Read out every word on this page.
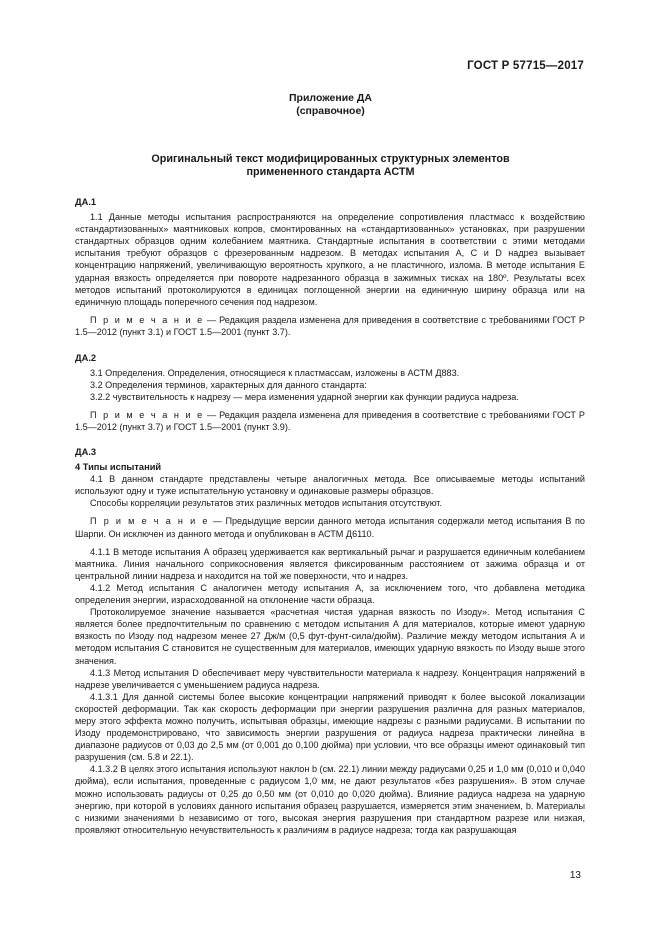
ГОСТ Р 57715—2017
Приложение ДА
(справочное)
Оригинальный текст модифицированных структурных элементов
примененного стандарта АСТМ

ДА.1

1.1 Данные методы испытания распространяются на определение сопротивления пластмасс к воздействию «стандартизованных» маятниковых копров, смонтированных на «стандартизованных» установках, при разрушении стандартных образцов одним колебанием маятника. Стандартные испытания в соответствии с этими методами испытания требуют образцов с фрезерованным надрезом. В методах испытания А, С и D надрез вызывает концентрацию напряжений, увеличивающую вероятность хрупкого, а не пластичного, излома. В методе испытания Е ударная вязкость определяется при повороте надрезанного образца в зажимных тисках на 180º. Результаты всех методов испытаний протоколируются в единицах поглощенной энергии на единичную ширину образца или на единичную площадь поперечного сечения под надрезом.

П р и м е ч а н и е — Редакция раздела изменена для приведения в соответствие с требованиями ГОСТ Р 1.5—2012 (пункт 3.1) и ГОСТ 1.5—2001 (пункт 3.7).

ДА.2

3.1 Определения. Определения, относящиеся к пластмассам, изложены в АСТМ Д883.

3.2 Определения терминов, характерных для данного стандарта:

3.2.2 чувствительность к надрезу — мера изменения ударной энергии как функции радиуса надреза.

П р и м е ч а н и е — Редакция раздела изменена для приведения в соответствие с требованиями ГОСТ Р 1.5—2012 (пункт 3.7) и ГОСТ 1.5—2001 (пункт 3.9).

ДА.3

4 Типы испытаний

4.1 В данном стандарте представлены четыре аналогичных метода. Все описываемые методы испытаний используют одну и туже испытательную установку и одинаковые размеры образцов.

Способы корреляции результатов этих различных методов испытания отсутствуют.

П р и м е ч а н и е — Предыдущие версии данного метода испытания содержали метод испытания В по Шарпи. Он исключен из данного метода и опубликован в АСТМ Д6110.

4.1.1 В методе испытания А образец удерживается как вертикальный рычаг и разрушается единичным колебанием маятника. Линия начального соприкосновения является фиксированным расстоянием от зажима образца и от центральной линии надреза и находится на той же поверхности, что и надрез.

4.1.2 Метод испытания С аналогичен методу испытания А, за исключением того, что добавлена методика определения энергии, израсходованной на отклонение части образца.

Протоколируемое значение называется «расчетная чистая ударная вязкость по Изоду». Метод испытания С является более предпочтительным по сравнению с методом испытания А для материалов, которые имеют ударную вязкость по Изоду под надрезом менее 27 Дж/м (0,5 фут-фунт-сила/дюйм). Различие между методом испытания А и методом испытания С становится не существенным для материалов, имеющих ударную вязкость по Изоду выше этого значения.

4.1.3 Метод испытания D обеспечивает меру чувствительности материала к надрезу. Концентрация напряжений в надрезе увеличивается с уменьшением радиуса надреза.

4.1.3.1 Для данной системы более высокие концентрации напряжений приводят к более высокой локализации скоростей деформации. Так как скорость деформации при энергии разрушения различна для разных материалов, меру этого эффекта можно получить, испытывая образцы, имеющие надрезы с разными радиусами. В испытании по Изоду продемонстрировано, что зависимость энергии разрушения от радиуса надреза практически линейна в диапазоне радиусов от 0,03 до 2,5 мм (от 0,001 до 0,100 дюйма) при условии, что все образцы имеют одинаковый тип разрушения (см. 5.8 и 22.1).

4.1.3.2 В целях этого испытания используют наклон b (см. 22.1) линии между радиусами 0,25 и 1,0 мм (0,010 и 0,040 дюйма), если испытания, проведенные с радиусом 1,0 мм, не дают результатов «без разрушения». В этом случае можно использовать радиусы от 0,25 до 0,50 мм (от 0,010 до 0,020 дюйма). Влияние радиуса надреза на ударную энергию, при которой в условиях данного испытания образец разрушается, измеряется этим значением, b. Материалы с низкими значениями b независимо от того, высокая энергия разрушения при стандартном разрезе или низкая, проявляют относительную нечувствительность к различиям в радиусе надреза; тогда как разрушающая

13
